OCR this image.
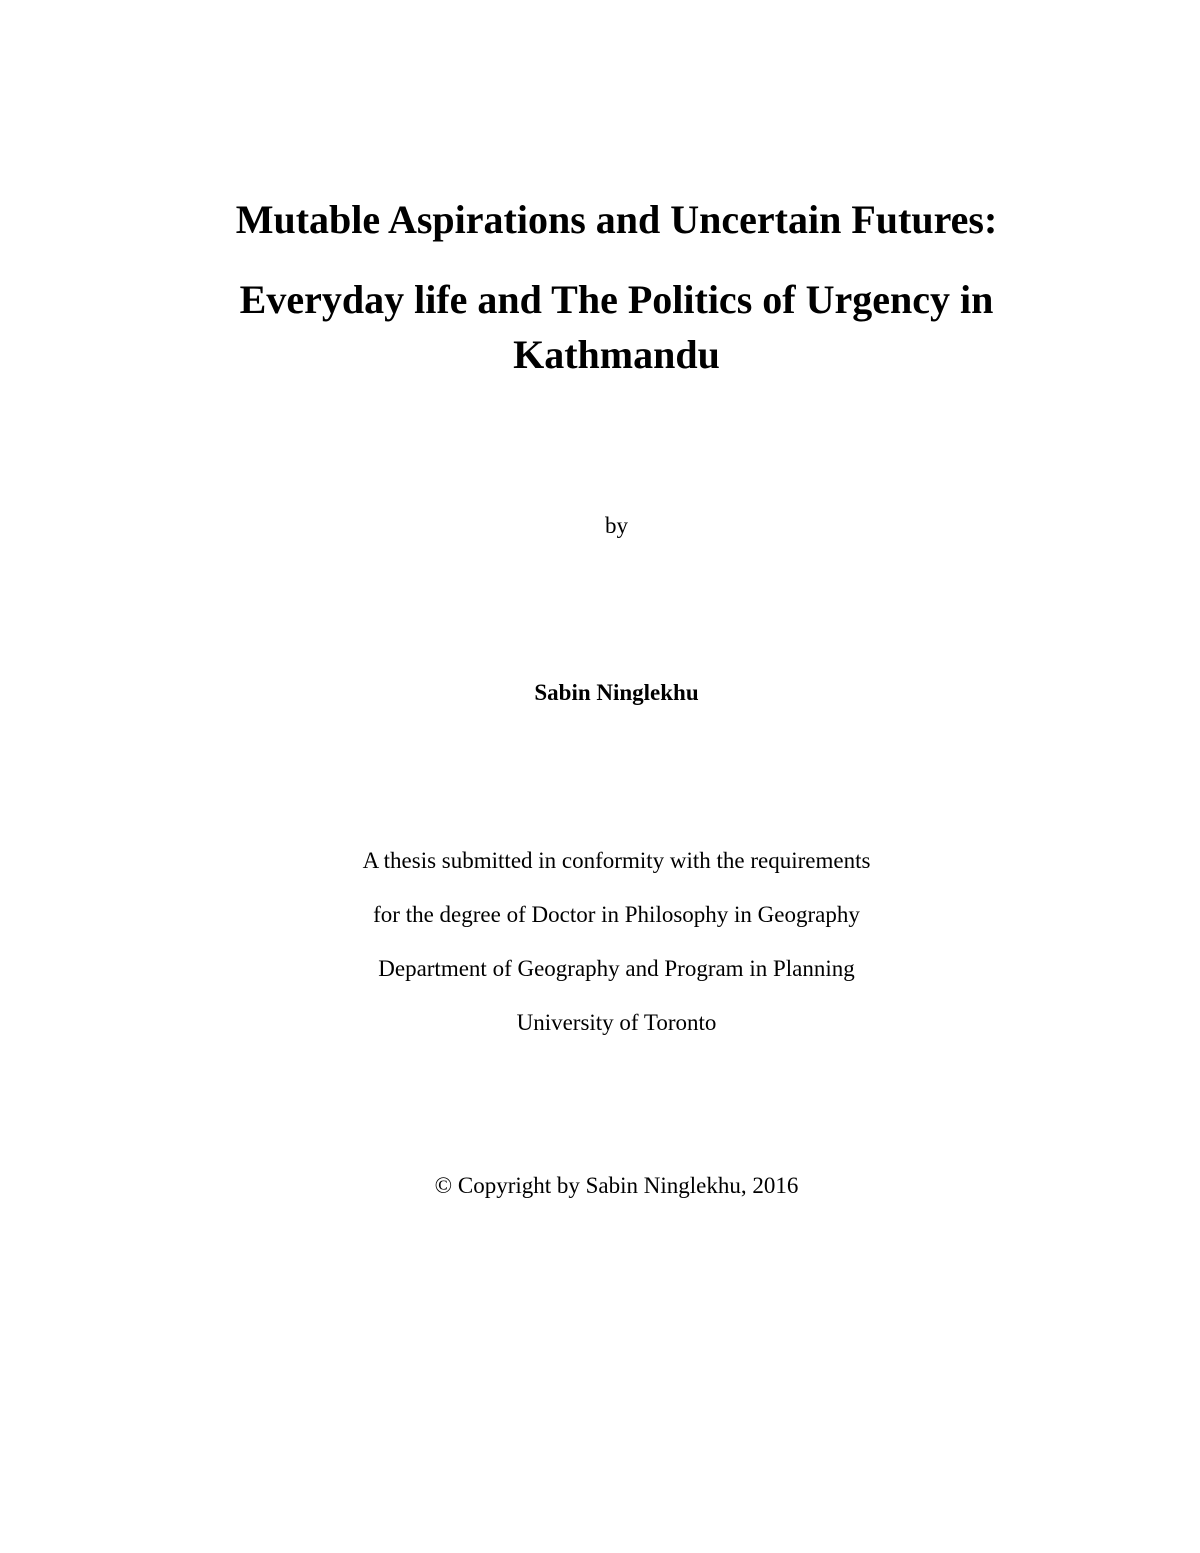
Mutable Aspirations and Uncertain Futures:
Everyday life and The Politics of Urgency in
Kathmandu
by
Sabin Ninglekhu
A thesis submitted in conformity with the requirements
for the degree of Doctor in Philosophy in Geography
Department of Geography and Program in Planning
University of Toronto
© Copyright by Sabin Ninglekhu, 2016
